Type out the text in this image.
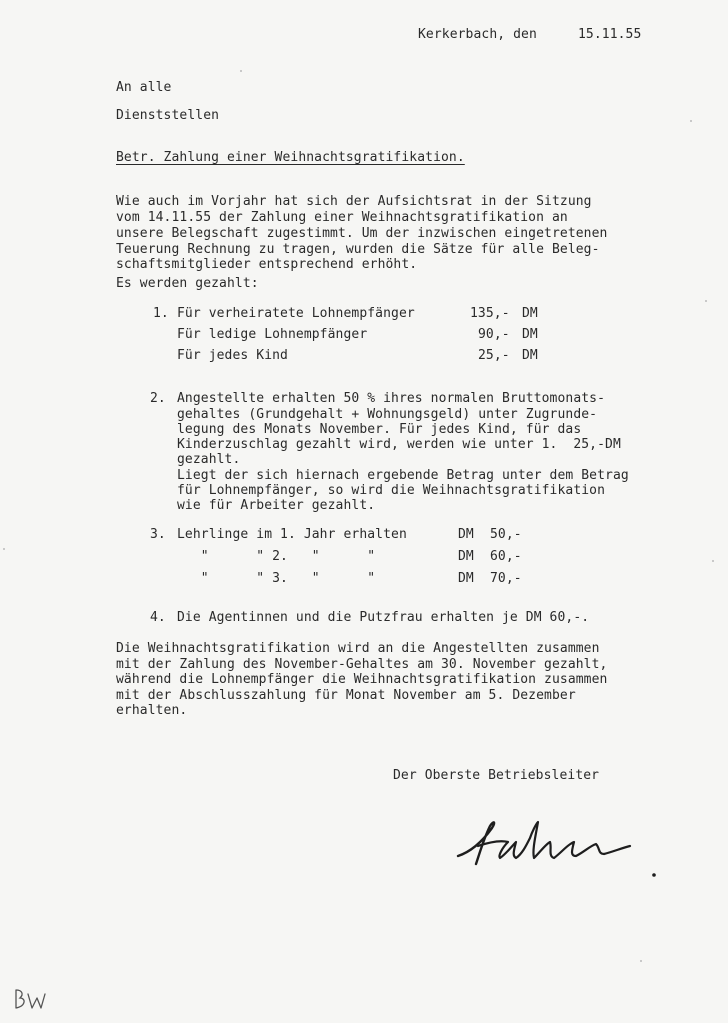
Kerkerbach, den	15.11.55
An alle
Dienststellen
Betr. Zahlung einer Weihnachtsgratifikation.
Wie auch im Vorjahr hat sich der Aufsichtsrat in der Sitzung
vom 14.11.55 der Zahlung einer Weihnachtsgratifikation an
unsere Belegschaft zugestimmt. Um der inzwischen eingetretenen
Teuerung Rechnung zu tragen, wurden die Sätze für alle Beleg-
schaftsmitglieder entsprechend erhöht.
Es werden gezahlt:
1. Für verheiratete Lohnempfänger	135,- DM
Für ledige Lohnempfänger	90,- DM
Für jedes Kind	25,- DM
2. Angestellte erhalten 50 % ihres normalen Bruttomonats-
gehaltes (Grundgehalt + Wohnungsgeld) unter Zugrunde-
legung des Monats November. Für jedes Kind, für das
Kinderzuschlag gezahlt wird, werden wie unter 1.  25,-DM
gezahlt.
Liegt der sich hiernach ergebende Betrag unter dem Betrag
für Lohnempfänger, so wird die Weihnachtsgratifikation
wie für Arbeiter gezahlt.
3. Lehrlinge im 1. Jahr erhalten	DM 50,-
"      " 2.   "      "	DM 60,-
"      " 3.   "      "	DM 70,-
4. Die Agentinnen und die Putzfrau erhalten je DM 60,-.
Die Weihnachtsgratifikation wird an die Angestellten zusammen
mit der Zahlung des November-Gehaltes am 30. November gezahlt,
während die Lohnempfänger die Weihnachtsgratifikation zusammen
mit der Abschlusszahlung für Monat November am 5. Dezember
erhalten.
Der Oberste Betriebsleiter
